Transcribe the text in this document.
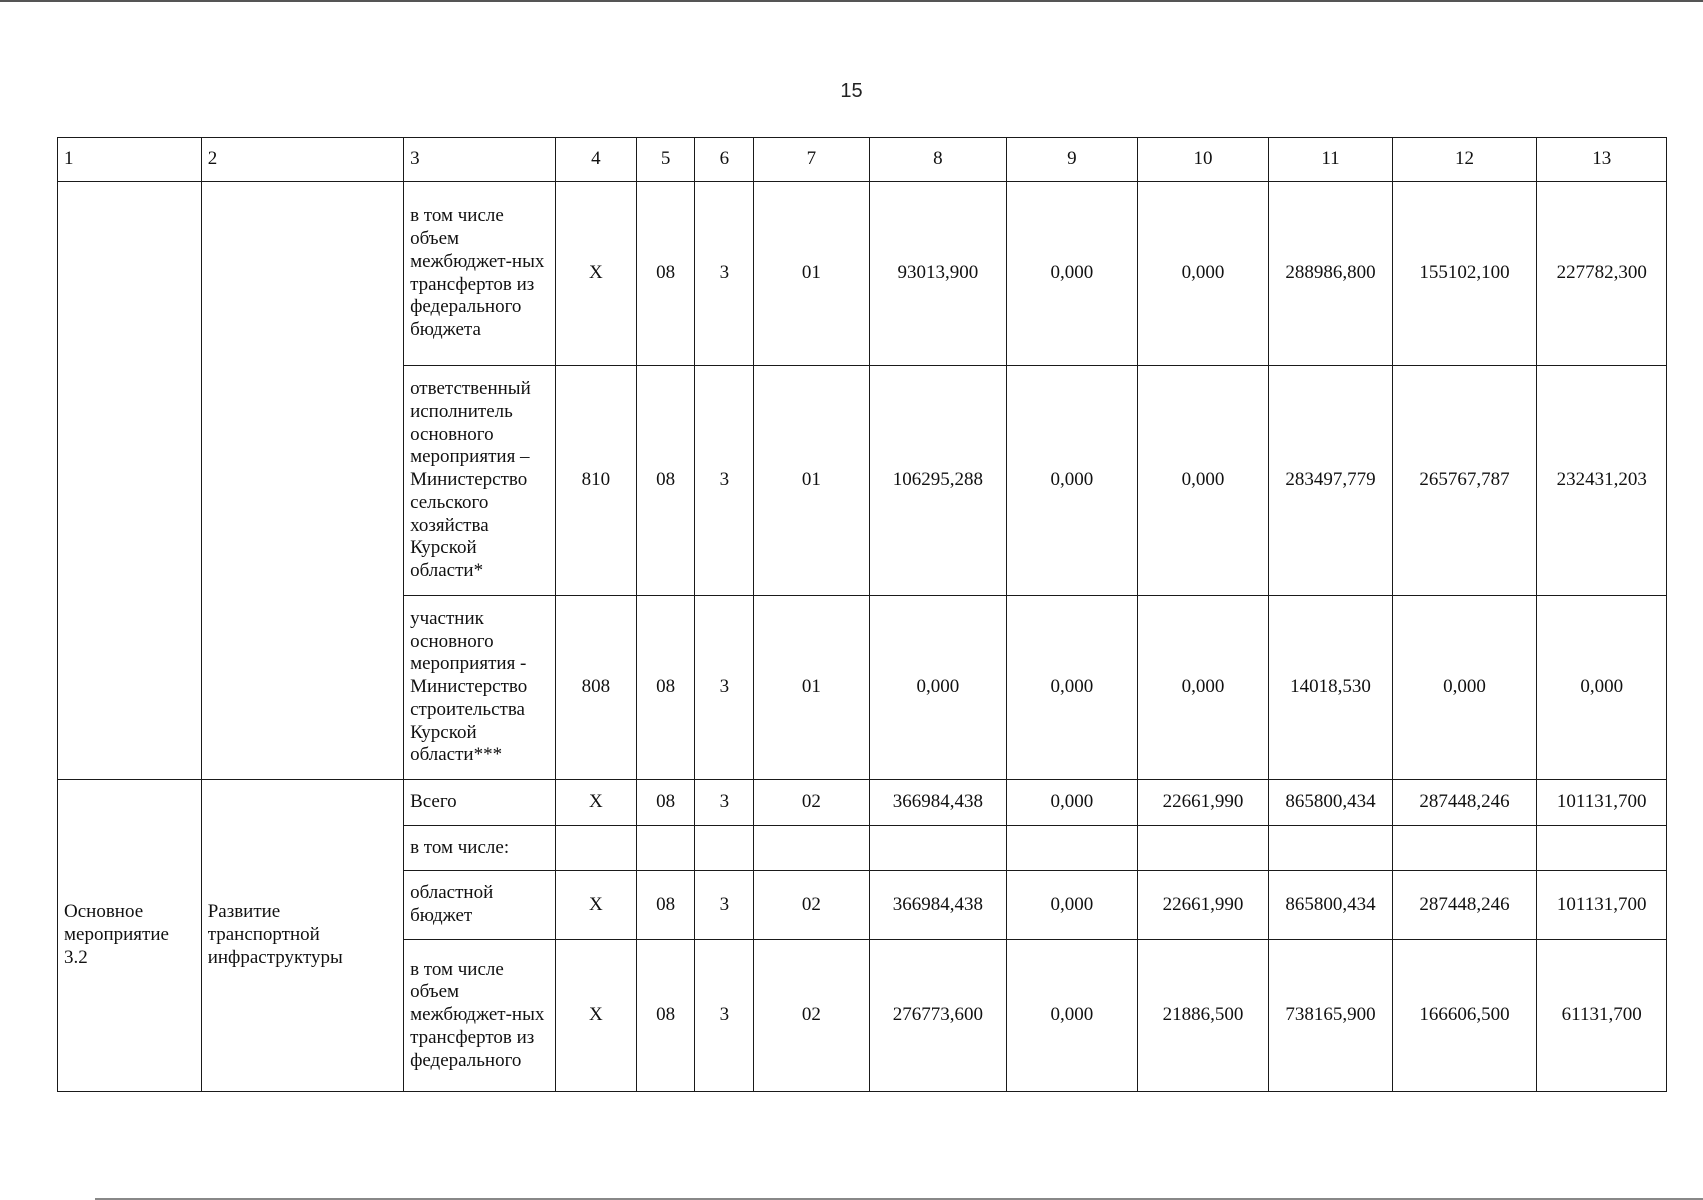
15
1	2	3	4	5	6	7	8	9	10	11	12	13
		в том числе объем межбюджет-ных трансфертов из федерального бюджета	Х	08	3	01	93013,900	0,000	0,000	288986,800	155102,100	227782,300
		ответственный исполнитель основного мероприятия – Министерство сельского хозяйства Курской области*	810	08	3	01	106295,288	0,000	0,000	283497,779	265767,787	232431,203
		участник основного мероприятия - Министерство строительства Курской области***	808	08	3	01	0,000	0,000	0,000	14018,530	0,000	0,000
Основное мероприятие 3.2	Развитие транспортной инфраструктуры	Всего	Х	08	3	02	366984,438	0,000	22661,990	865800,434	287448,246	101131,700
		в том числе:										
		областной бюджет	Х	08	3	02	366984,438	0,000	22661,990	865800,434	287448,246	101131,700
		в том числе объем межбюджет-ных трансфертов из федерального	Х	08	3	02	276773,600	0,000	21886,500	738165,900	166606,500	61131,700
